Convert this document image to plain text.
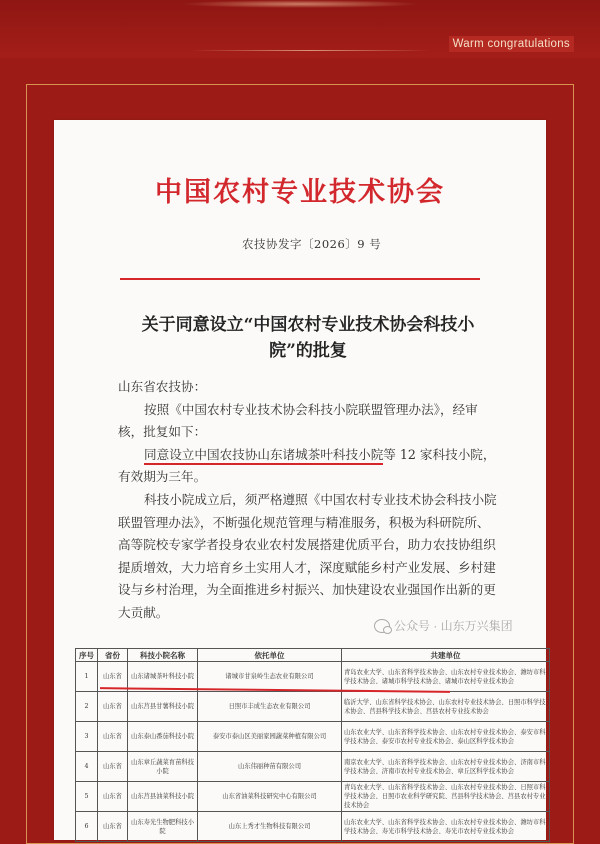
Warm congratulations
中国农村专业技术协会
农技协发字〔2026〕9 号
关于同意设立“中国农村专业技术协会科技小
院”的批复

山东省农技协：

按照《中国农村专业技术协会科技小院联盟管理办法》，经审核，批复如下：

同意设立中国农技协山东诸城茶叶科技小院等 12 家科技小院，有效期为三年。

科技小院成立后，须严格遵照《中国农村专业技术协会科技小院联盟管理办法》，不断强化规范管理与精准服务，积极为科研院所、高等院校专家学者投身农业农村发展搭建优质平台，助力农技协组织提质增效，大力培育乡土实用人才，深度赋能乡村产业发展、乡村建设与乡村治理，为全面推进乡村振兴、加快建设农业强国作出新的更大贡献。

公众号 · 山东万兴集团
序号	省份	科技小院名称	依托单位	共建单位
1	山东省	山东诸城茶叶科技小院	诸城市甘泉岭生态农业有限公司	青岛农业大学、山东省科学技术协会、山东农村专业技术协会、潍坊市科学技术协会、诸城市科学技术协会、诸城市农村专业技术协会
2	山东省	山东莒县甘薯科技小院	日照市丰成生态农业有限公司	临沂大学、山东省科学技术协会、山东农村专业技术协会、日照市科学技术协会、莒县科学技术协会、莒县农村专业技术协会
3	山东省	山东泰山番茄科技小院	泰安市泰山区美丽家园蔬菜种植有限公司	山东农业大学、山东省科学技术协会、山东农村专业技术协会、泰安市科学技术协会、泰安市农村专业技术协会、泰山区科学技术协会
4	山东省	山东章丘蔬菜育苗科技小院	山东伟丽种苗有限公司	南京农业大学、山东省科学技术协会、山东农村专业技术协会、济南市科学技术协会、济南市农村专业技术协会、章丘区科学技术协会
5	山东省	山东莒县油菜科技小院	山东省油菜科技研究中心有限公司	青岛农业大学、山东省科学技术协会、山东农村专业技术协会、日照市科学技术协会、日照市农业科学研究院、莒县科学技术协会、莒县农村专业技术协会
6	山东省	山东寿光生物肥科技小院	山东上秀才生物科技有限公司	山东农业大学、山东省科学技术协会、山东农村专业技术协会、潍坊市科学技术协会、寿光市科学技术协会、寿光市农村专业技术协会
